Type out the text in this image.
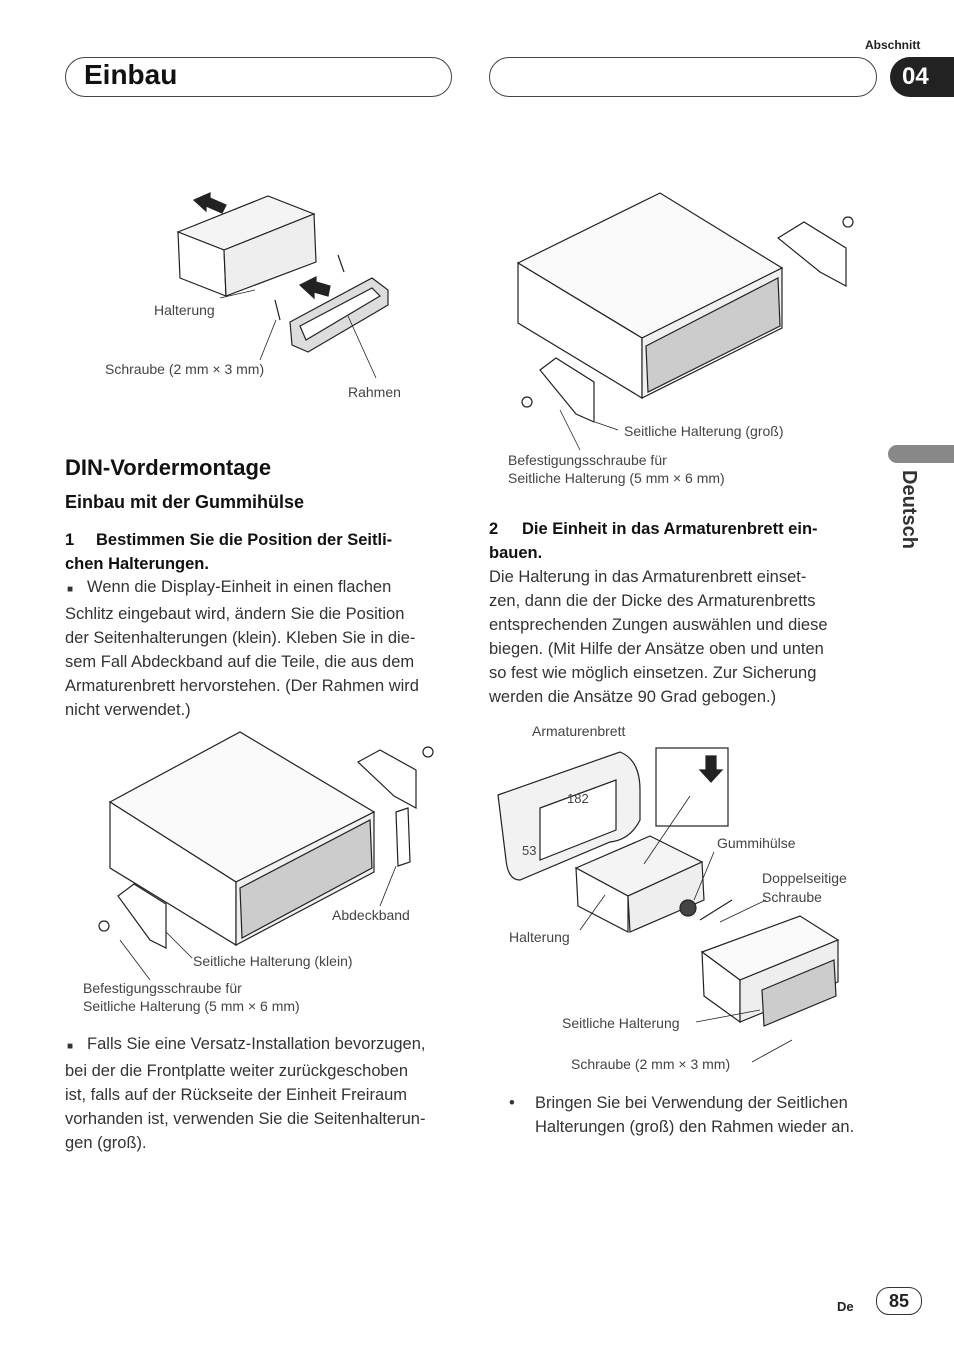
Einbau
Abschnitt
04
Deutsch
Halterung
Schraube (2 mm × 3 mm)
Rahmen
Seitliche Halterung (groß)
Befestigungsschraube für
Seitliche Halterung (5 mm × 6 mm)
DIN-Vordermontage
Einbau mit der Gummihülse
1 Bestimmen Sie die Position der Seitli-
chen Halterungen.
■ Wenn die Display-Einheit in einen flachen
Schlitz eingebaut wird, ändern Sie die Position
der Seitenhalterungen (klein). Kleben Sie in die-
sem Fall Abdeckband auf die Teile, die aus dem
Armaturenbrett hervorstehen. (Der Rahmen wird
nicht verwendet.)
Abdeckband
Seitliche Halterung (klein)
Befestigungsschraube für
Seitliche Halterung (5 mm × 6 mm)
■ Falls Sie eine Versatz-Installation bevorzugen,
bei der die Frontplatte weiter zurückgeschoben
ist, falls auf der Rückseite der Einheit Freiraum
vorhanden ist, verwenden Sie die Seitenhalterun-
gen (groß).
2 Die Einheit in das Armaturenbrett ein-
bauen.
Die Halterung in das Armaturenbrett einset-
zen, dann die der Dicke des Armaturenbretts
entsprechenden Zungen auswählen und diese
biegen. (Mit Hilfe der Ansätze oben und unten
so fest wie möglich einsetzen. Zur Sicherung
werden die Ansätze 90 Grad gebogen.)
Armaturenbrett
182
53	Gummihülse
Doppelseitige
Schraube
Halterung
Seitliche Halterung
Schraube (2 mm × 3 mm)
• Bringen Sie bei Verwendung der Seitlichen
Halterungen (groß) den Rahmen wieder an.
De	85
